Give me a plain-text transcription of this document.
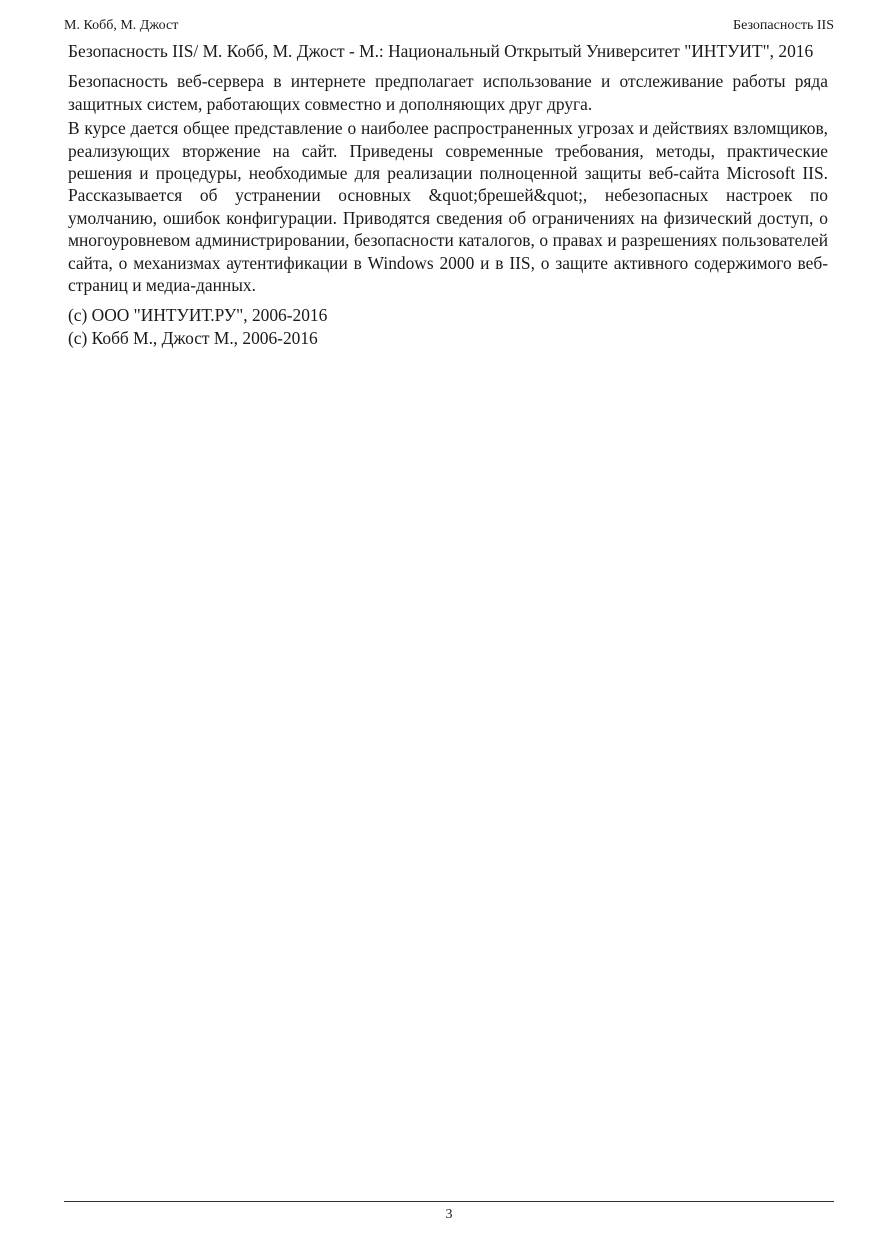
М. Кобб, М. Джост	Безопасность IIS

Безопасность IIS/ М. Кобб, М. Джост - М.: Национальный Открытый Университет "ИНТУИТ", 2016

Безопасность веб-сервера в интернете предполагает использование и отслеживание работы ряда защитных систем, работающих совместно и дополняющих друг друга.

В курсе дается общее представление о наиболее распространенных угрозах и действиях взломщиков, реализующих вторжение на сайт. Приведены современные требования, методы, практические решения и процедуры, необходимые для реализации полноценной защиты веб-сайта Microsoft IIS. Рассказывается об устранении основных &quot;брешей&quot;, небезопасных настроек по умолчанию, ошибок конфигурации. Приводятся сведения об ограничениях на физический доступ, о многоуровневом администрировании, безопасности каталогов, о правах и разрешениях пользователей сайта, о механизмах аутентификации в Windows 2000 и в IIS, о защите активного содержимого веб-страниц и медиа-данных.

(с) ООО "ИНТУИТ.РУ", 2006-2016

(с) Кобб М., Джост М., 2006-2016

3
